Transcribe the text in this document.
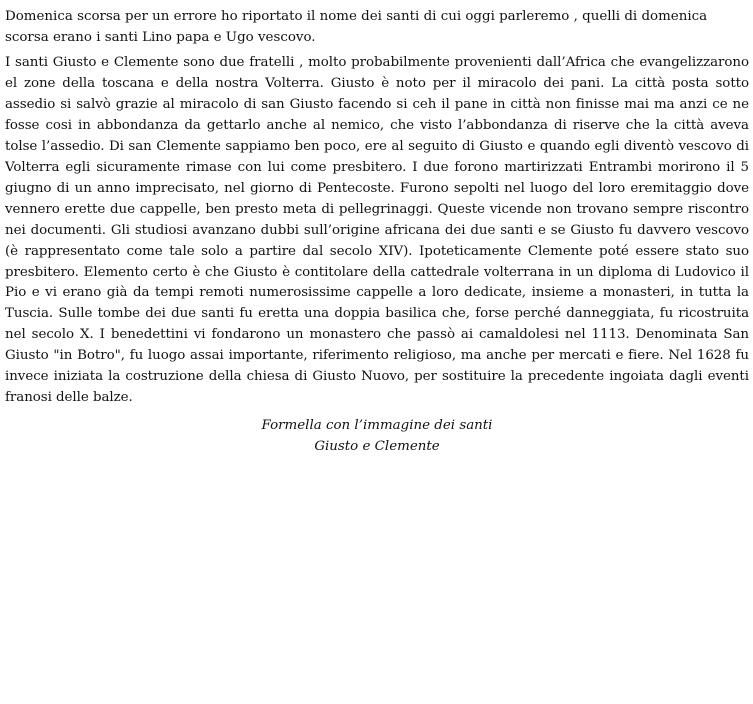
Domenica scorsa per un errore ho riportato il nome dei santi di cui oggi parleremo , quelli di domenica scorsa erano i santi Lino papa e Ugo vescovo.

I santi Giusto e Clemente sono due fratelli , molto probabilmente provenienti dall’Africa che evangelizzarono el zone della toscana e della nostra Volterra. Giusto è noto per il miracolo dei pani. La città posta sotto assedio si salvò grazie al miracolo di san Giusto facendo si ceh il pane in città non finisse mai ma anzi ce ne fosse cosi in abbondanza da gettarlo anche al nemico, che visto l’abbondanza di riserve che la città aveva tolse l’assedio. Di san Clemente sappiamo ben poco, ere al seguito di Giusto e quando egli diventò vescovo di Volterra egli sicuramente rimase con lui come presbitero. I due forono martirizzati Entrambi morirono il 5 giugno di un anno imprecisato, nel giorno di Pentecoste. Furono sepolti nel luogo del loro eremitaggio dove vennero erette due cappelle, ben presto meta di pellegrinaggi. Queste vicende non trovano sempre riscontro nei documenti. Gli studiosi avanzano dubbi sull’origine africana dei due santi e se Giusto fu davvero vescovo (è rappresentato come tale solo a partire dal secolo XIV). Ipoteticamente Clemente poté essere stato suo presbitero. Elemento certo è che Giusto è contitolare della cattedrale volterrana in un diploma di Ludovico il Pio e vi erano già da tempi remoti numerosissime cappelle a loro dedicate, insieme a monasteri, in tutta la Tuscia. Sulle tombe dei due santi fu eretta una doppia basilica che, forse perché danneggiata, fu ricostruita nel secolo X. I benedettini vi fondarono un monastero che passò ai camaldolesi nel 1113. Denominata San Giusto "in Botro", fu luogo assai importante, riferimento religioso, ma anche per mercati e fiere. Nel 1628 fu invece iniziata la costruzione della chiesa di Giusto Nuovo, per sostituire la precedente ingoiata dagli eventi franosi delle balze.

Formella con l’immagine dei santi
Giusto e Clemente
